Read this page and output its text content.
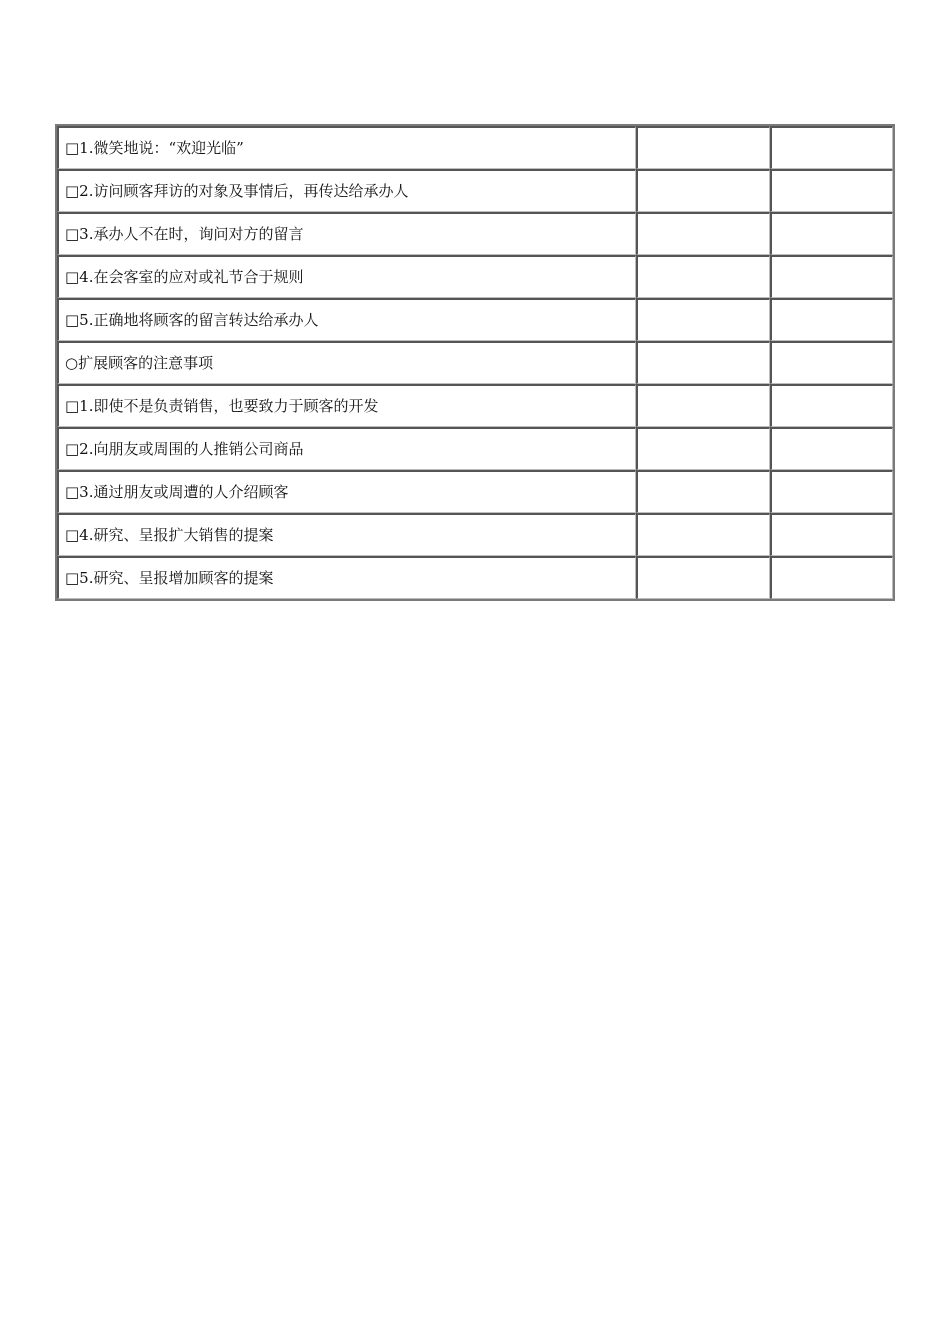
□1.微笑地说：“欢迎光临”		
□2.访问顾客拜访的对象及事情后，再传达给承办人		
□3.承办人不在时，询问对方的留言		
□4.在会客室的应对或礼节合于规则		
□5.正确地将顾客的留言转达给承办人		
○扩展顾客的注意事项		
□1.即使不是负责销售，也要致力于顾客的开发		
□2.向朋友或周围的人推销公司商品		
□3.通过朋友或周遭的人介绍顾客		
□4.研究、呈报扩大销售的提案		
□5.研究、呈报增加顾客的提案		
